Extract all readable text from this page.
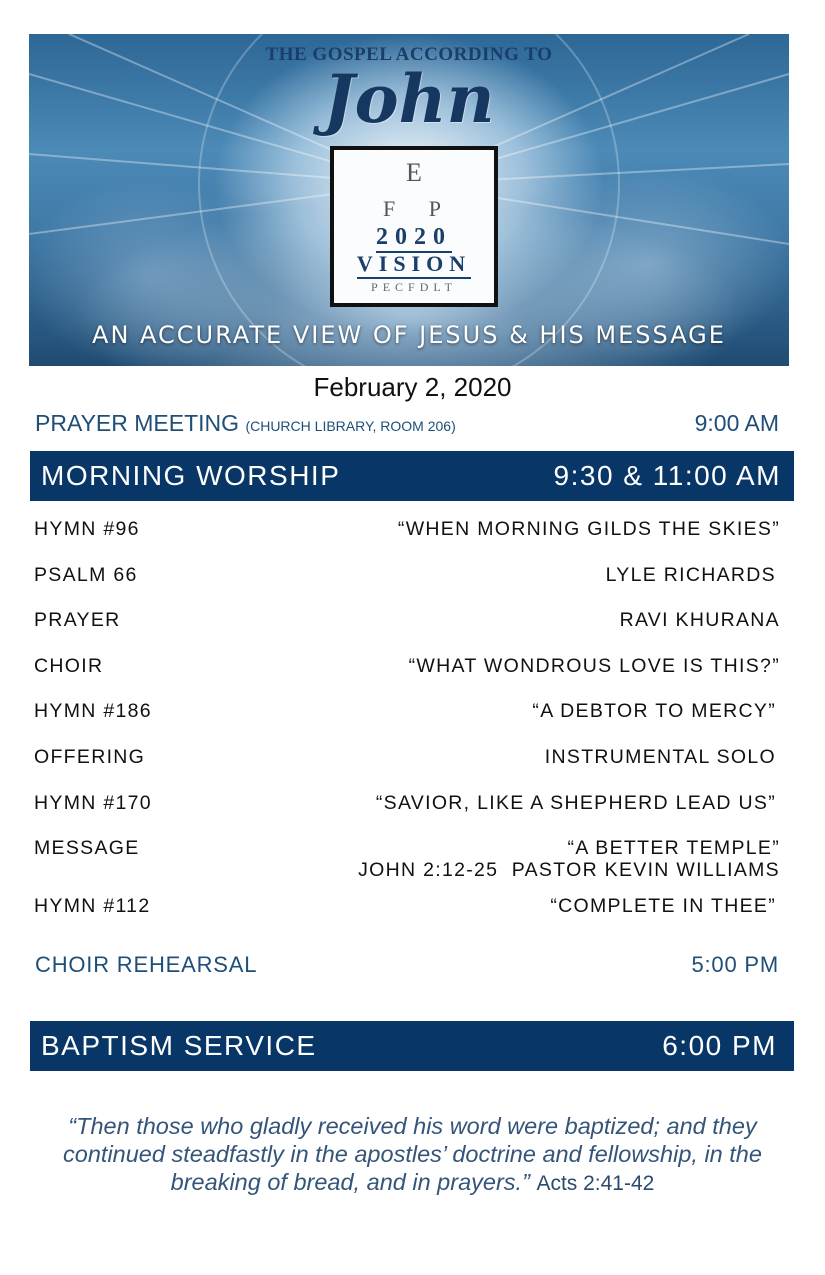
THE GOSPEL ACCORDING TO
John
E
F P
2020
VISION
PECFDLT
AN ACCURATE VIEW OF JESUS & HIS MESSAGE
February 2, 2020
PRAYER MEETING (CHURCH LIBRARY, ROOM 206)	9:00 AM
MORNING WORSHIP	9:30 & 11:00 AM
HYMN #96	“WHEN MORNING GILDS THE SKIES”
PSALM 66	LYLE RICHARDS
PRAYER	RAVI KHURANA
CHOIR	“WHAT WONDROUS LOVE IS THIS?”
HYMN #186	“A DEBTOR TO MERCY”
OFFERING	INSTRUMENTAL SOLO
HYMN #170	“SAVIOR, LIKE A SHEPHERD LEAD US”
MESSAGE	“A BETTER TEMPLE”
JOHN 2:12-25  PASTOR KEVIN WILLIAMS
HYMN #112	“COMPLETE IN THEE”
CHOIR REHEARSAL	5:00 PM
BAPTISM SERVICE	6:00 PM
“Then those who gladly received his word were baptized; and they continued steadfastly in the apostles’ doctrine and fellowship, in the breaking of bread, and in prayers.” Acts 2:41-42
